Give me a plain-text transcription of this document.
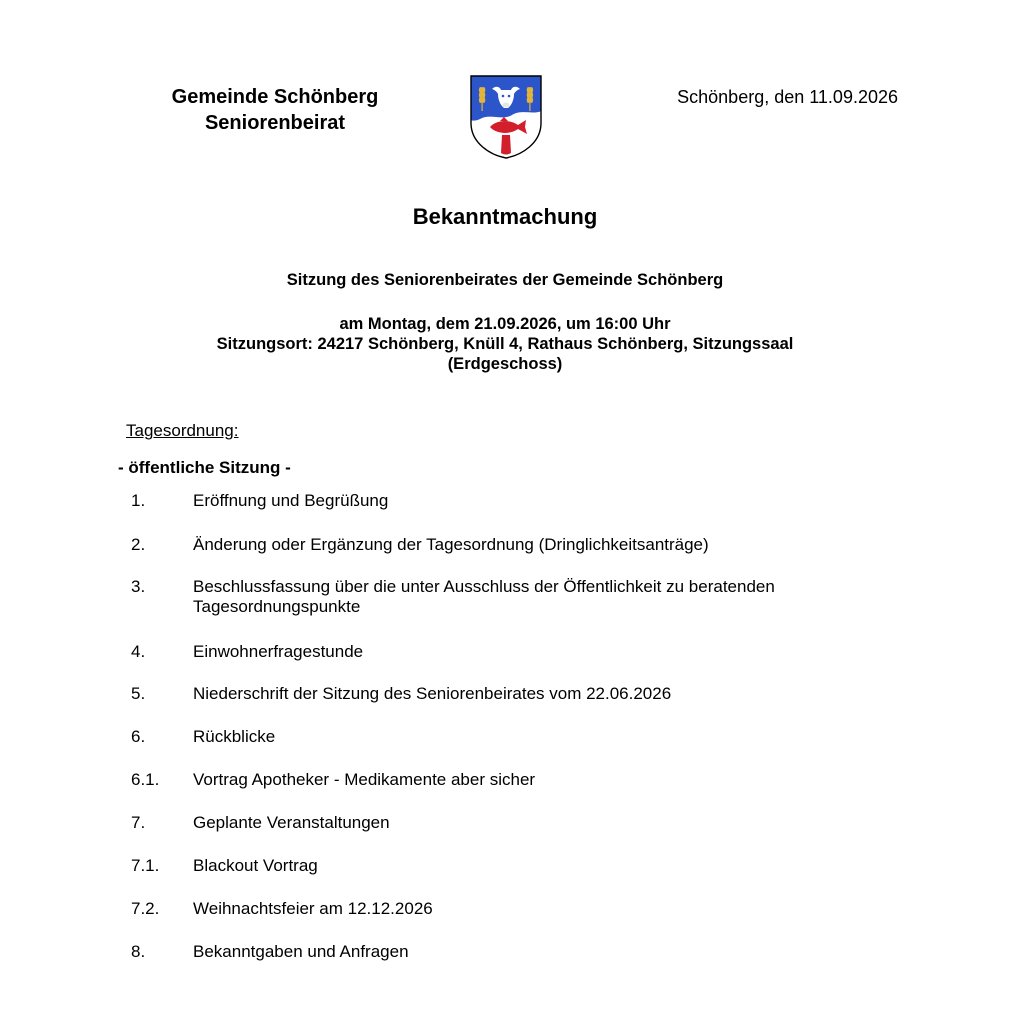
Gemeinde Schönberg
Seniorenbeirat
Schönberg, den 11.09.2026
Bekanntmachung
Sitzung des Seniorenbeirates der Gemeinde Schönberg
am Montag, dem 21.09.2026, um 16:00 Uhr
Sitzungsort: 24217 Schönberg, Knüll 4, Rathaus Schönberg, Sitzungssaal
(Erdgeschoss)
Tagesordnung:
- öffentliche Sitzung -
1.	Eröffnung und Begrüßung
2.	Änderung oder Ergänzung der Tagesordnung (Dringlichkeitsanträge)
3.	Beschlussfassung über die unter Ausschluss der Öffentlichkeit zu beratenden Tagesordnungspunkte
4.	Einwohnerfragestunde
5.	Niederschrift der Sitzung des Seniorenbeirates vom 22.06.2026
6.	Rückblicke
6.1. Vortrag Apotheker - Medikamente aber sicher
7.	Geplante Veranstaltungen
7.1. Blackout Vortrag
7.2. Weihnachtsfeier am 12.12.2026
8.	Bekanntgaben und Anfragen
